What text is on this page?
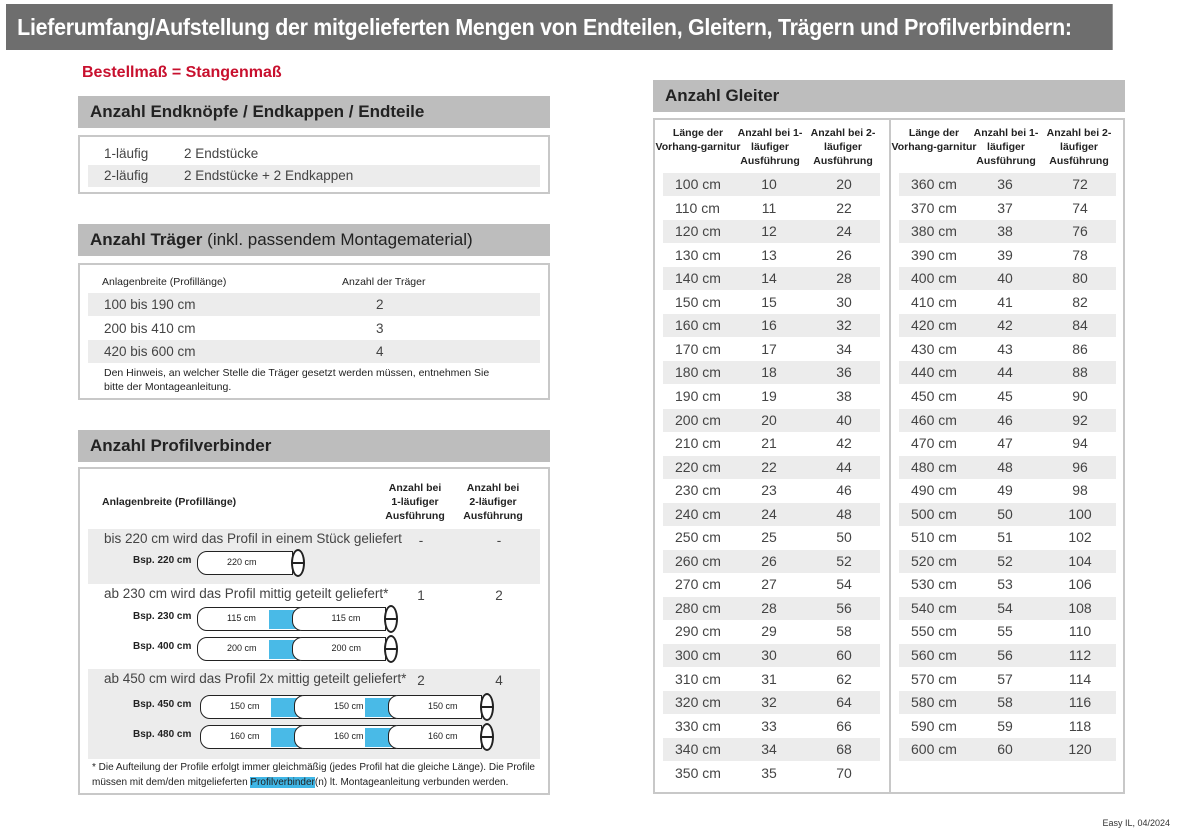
Lieferumfang/Aufstellung der mitgelieferten Mengen von Endteilen, Gleitern, Trägern und Profilverbindern:
Bestellmaß = Stangenmaß
Anzahl Endknöpfe / Endkappen / Endteile
1-läufig	2 Endstücke
2-läufig	2 Endstücke + 2 Endkappen
Anzahl Träger (inkl. passendem Montagematerial)
Anlagenbreite (Profillänge)	Anzahl der Träger
Den Hinweis, an welcher Stelle die Träger gesetzt werden müssen, entnehmen Sie bitte der Montageanleitung.
100 bis 190 cm	2
200 bis 410 cm	3
420 bis 600 cm	4
Anzahl Profilverbinder
Anlagenbreite (Profillänge)
Anzahl bei 1-läufiger Ausführung
Anzahl bei 2-läufiger Ausführung
* Die Aufteilung der Profile erfolgt immer gleichmäßig (jedes Profil hat die gleiche Länge). Die Profile müssen mit dem/den mitgelieferten Profilverbinder(n) lt. Montageanleitung verbunden werden.
bis 220 cm wird das Profil in einem Stück geliefert	-	-
ab 230 cm wird das Profil mittig geteilt geliefert*	1	2
ab 450 cm wird das Profil 2x mittig geteilt geliefert* 2	4
Bsp. 220 cm	220 cm
Bsp. 230 cm	115 cm	115 cm
Bsp. 400 cm	200 cm	200 cm
Bsp. 450 cm	150 cm	150 cm	150 cm
Bsp. 480 cm	160 cm	160 cm	160 cm
Anzahl Gleiter
Länge der Vorhang-garnitur
Anzahl bei 1-läufiger Ausführung
Anzahl bei 2-läufiger Ausführung
100 cm	10	20
110 cm	11	22
120 cm	12	24
130 cm	13	26
140 cm	14	28
150 cm	15	30
160 cm	16	32
170 cm	17	34
180 cm	18	36
190 cm	19	38
200 cm	20	40
210 cm	21	42
220 cm	22	44
230 cm	23	46
240 cm	24	48
250 cm	25	50
260 cm	26	52
270 cm	27	54
280 cm	28	56
290 cm	29	58
300 cm	30	60
310 cm	31	62
320 cm	32	64
330 cm	33	66
340 cm	34	68
350 cm	35	70
Länge der Vorhang-garnitur
Anzahl bei 1-läufiger Ausführung
Anzahl bei 2-läufiger Ausführung
360 cm	36	72
370 cm	37	74
380 cm	38	76
390 cm	39	78
400 cm	40	80
410 cm	41	82
420 cm	42	84
430 cm	43	86
440 cm	44	88
450 cm	45	90
460 cm	46	92
470 cm	47	94
480 cm	48	96
490 cm	49	98
500 cm	50	100
510 cm	51	102
520 cm	52	104
530 cm	53	106
540 cm	54	108
550 cm	55	110
560 cm	56	112
570 cm	57	114
580 cm	58	116
590 cm	59	118
600 cm	60	120
Easy IL, 04/2024
